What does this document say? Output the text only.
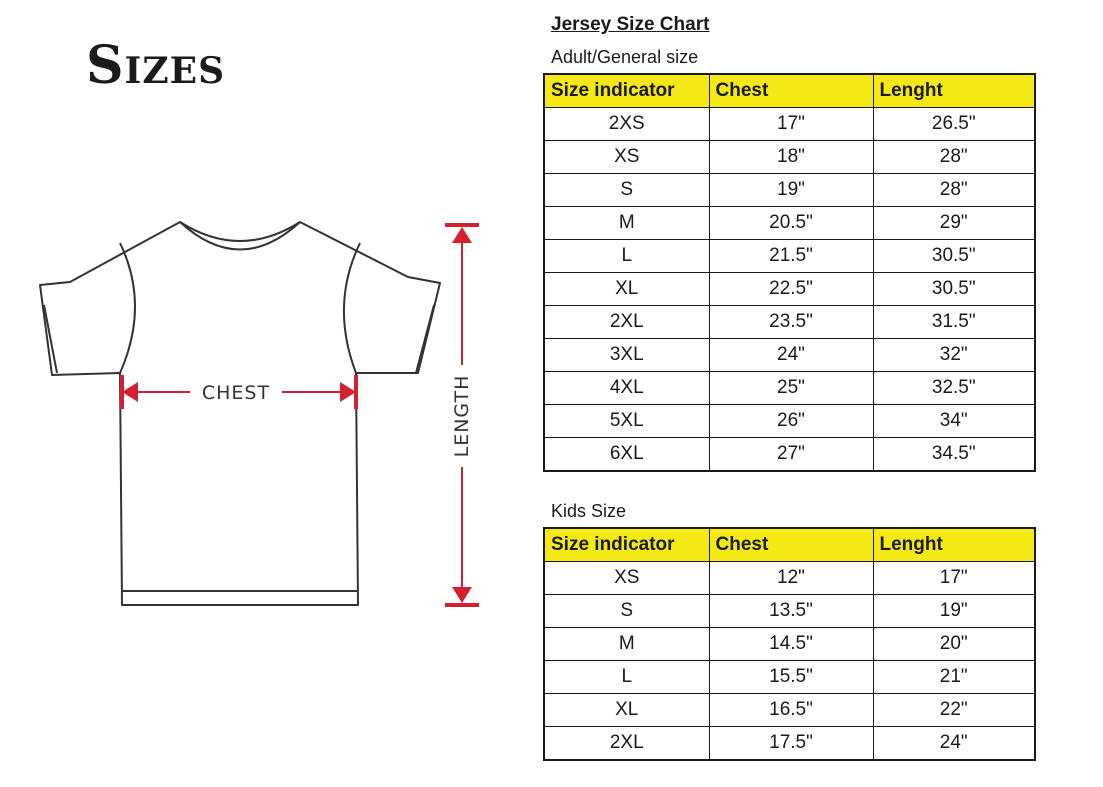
Sizes
CHEST	LENGTH
Jersey Size Chart
Adult/General size
Size indicator	Chest	Lenght
2XS	17"	26.5"
XS	18"	28"
S	19"	28"
M	20.5"	29"
L	21.5"	30.5"
XL	22.5"	30.5"
2XL	23.5"	31.5"
3XL	24"	32"
4XL	25"	32.5"
5XL	26"	34"
6XL	27"	34.5"
Kids Size
Size indicator	Chest	Lenght
XS	12"	17"
S	13.5"	19"
M	14.5"	20"
L	15.5"	21"
XL	16.5"	22"
2XL	17.5"	24"
